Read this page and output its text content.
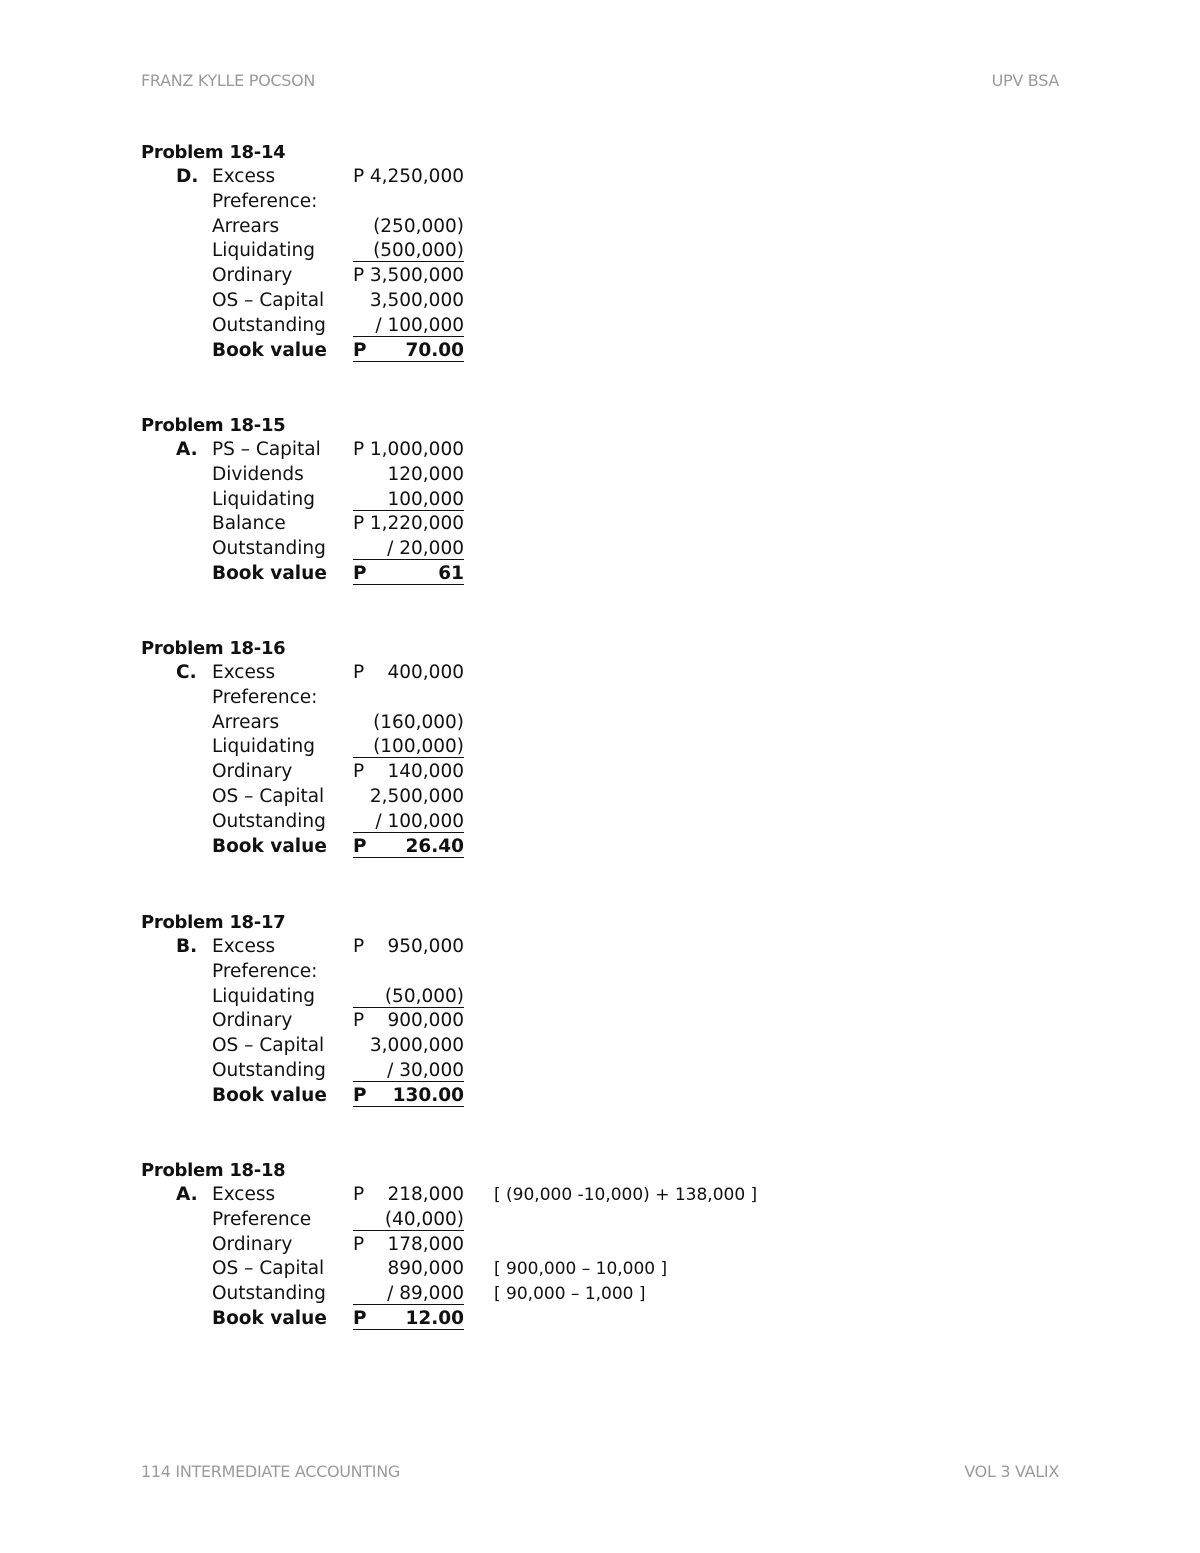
FRANZ KYLLE POCSON	UPV BSA
Problem 18-14
D. Excess	P 4,250,000
Preference:
Arrears	(250,000)
Liquidating	(500,000)
Ordinary	P 3,500,000
OS – Capital 3,500,000
Outstanding	/ 100,000
Book value P 70.00
Problem 18-15
A. PS – Capital P 1,000,000
Dividends	120,000
Liquidating	100,000
Balance	P 1,220,000
Outstanding	/ 20,000
Book value P	61
Problem 18-16
C. Excess	P 400,000
Preference:
Arrears	(160,000)
Liquidating	(100,000)
Ordinary	P 140,000
OS – Capital 2,500,000
Outstanding	/ 100,000
Book value P 26.40
Problem 18-17
B. Excess	P 950,000
Preference:
Liquidating	(50,000)
Ordinary	P 900,000
OS – Capital 3,000,000
Outstanding	/ 30,000
Book value P 130.00
Problem 18-18
A. Excess	P 218,000 [ (90,000 -10,000) + 138,000 ]
Preference	(40,000)
Ordinary	P 178,000
OS – Capital	890,000 [ 900,000 – 10,000 ]
Outstanding	/ 89,000 [ 90,000 – 1,000 ]
Book value P 12.00
114 INTERMEDIATE ACCOUNTING	VOL 3 VALIX
